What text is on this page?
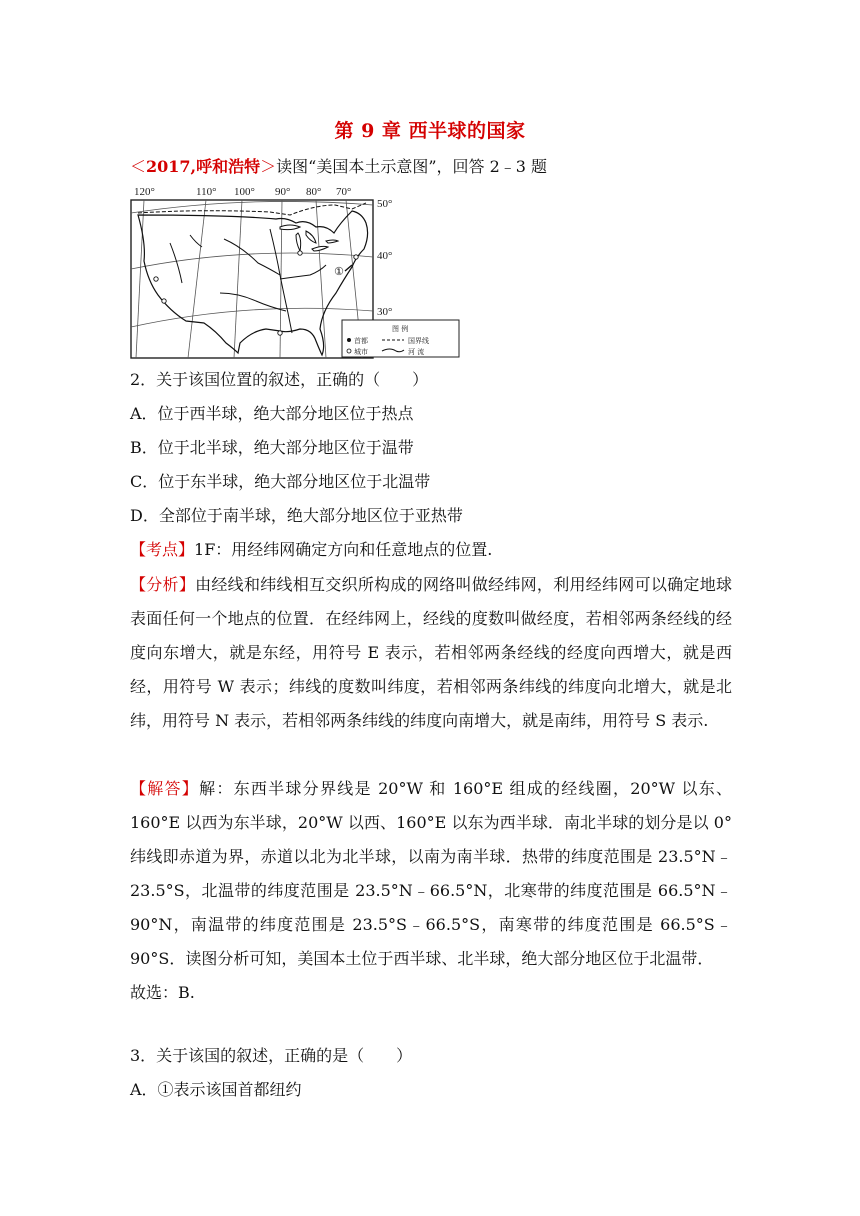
第 9 章 西半球的国家
＜2017,呼和浩特＞读图“美国本土示意图”，回答 2﹣3 题
120°	110° 100° 90° 80° 70°
50°
40°
30°
①
图 例
首都	国界线
城市	河 流
2．关于该国位置的叙述，正确的（　　）
A．位于西半球，绝大部分地区位于热点
B．位于北半球，绝大部分地区位于温带
C．位于东半球，绝大部分地区位于北温带
D．全部位于南半球，绝大部分地区位于亚热带
【考点】1F：用经纬网确定方向和任意地点的位置.

【分析】由经线和纬线相互交织所构成的网络叫做经纬网，利用经纬网可以确定地球表面任何一个地点的位置．在经纬网上，经线的度数叫做经度，若相邻两条经线的经度向东增大，就是东经，用符号 E 表示，若相邻两条经线的经度向西增大，就是西经，用符号 W 表示；纬线的度数叫纬度，若相邻两条纬线的纬度向北增大，就是北纬，用符号 N 表示，若相邻两条纬线的纬度向南增大，就是南纬，用符号 S 表示.

【解答】解：东西半球分界线是 20°W 和 160°E 组成的经线圈，20°W 以东、160°E 以西为东半球，20°W 以西、160°E 以东为西半球．南北半球的划分是以 0°纬线即赤道为界，赤道以北为北半球，以南为南半球．热带的纬度范围是 23.5°N﹣23.5°S，北温带的纬度范围是 23.5°N﹣66.5°N，北寒带的纬度范围是 66.5°N﹣90°N，南温带的纬度范围是 23.5°S﹣66.5°S，南寒带的纬度范围是 66.5°S﹣90°S．读图分析可知，美国本土位于西半球、北半球，绝大部分地区位于北温带．

故选：B.

3．关于该国的叙述，正确的是（　　）
A．①表示该国首都纽约
